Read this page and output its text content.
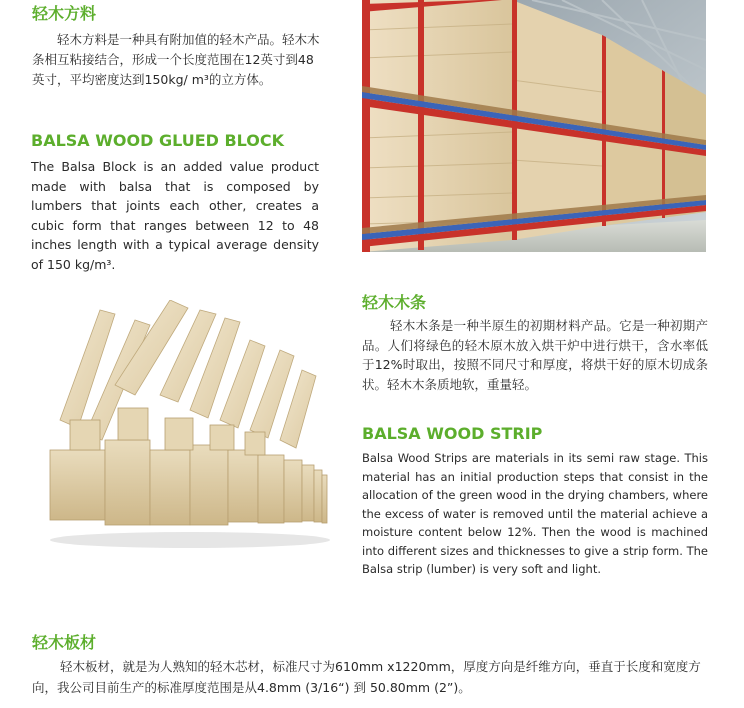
轻木方料
轻木方料是一种具有附加值的轻木产品。轻木木条相互粘接结合，形成一个长度范围在12英寸到48英寸，平均密度达到150kg/ m³的立方体。
BALSA WOOD GLUED BLOCK
The Balsa Block is an added value product made with balsa that is composed by lumbers that joints each other, creates a cubic form that ranges between 12 to 48 inches length with a typical average density of 150 kg/m³.
轻木木条
轻木木条是一种半原生的初期材料产品。它是一种初期产品。人们将绿色的轻木原木放入烘干炉中进行烘干，含水率低于12%时取出，按照不同尺寸和厚度，将烘干好的原木切成条状。轻木木条质地软，重量轻。
BALSA WOOD STRIP
Balsa Wood Strips are materials in its semi raw stage. This material has an initial production steps that consist in the allocation of the green wood in the drying chambers, where the excess of water is removed until the material achieve a moisture content below 12%. Then the wood is machined into different sizes and thicknesses to give a strip form. The Balsa strip (lumber) is very soft and light.
轻木板材
轻木板材，就是为人熟知的轻木芯材，标准尺寸为610mm x1220mm，厚度方向是纤维方向，垂直于长度和宽度方向，我公司目前生产的标准厚度范围是从4.8mm (3/16“) 到 50.80mm (2”)。
